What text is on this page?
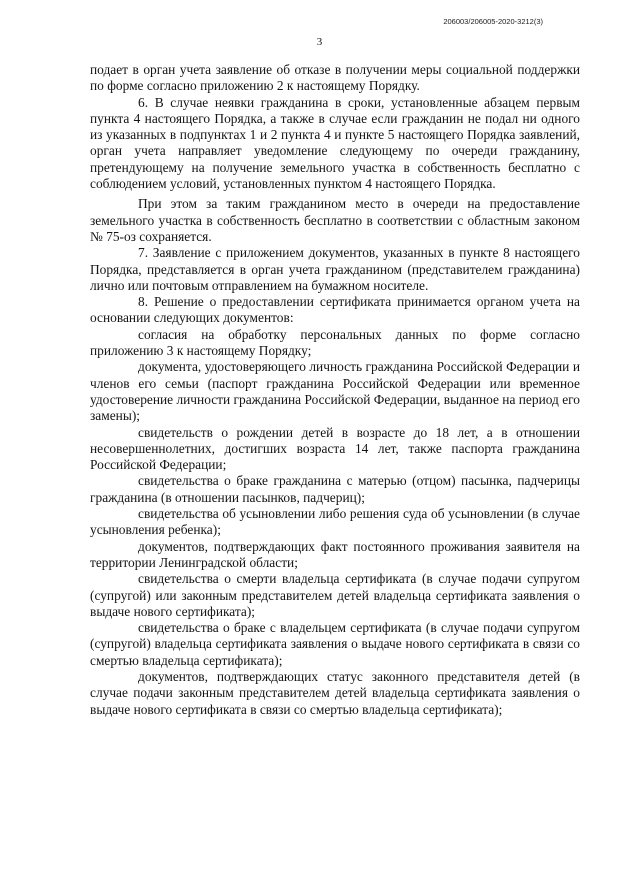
206003/206005-2020-3212(3)
3

подает в орган учета заявление об отказе в получении меры социальной поддержки по форме согласно приложению 2 к настоящему Порядку.

6. В случае неявки гражданина в сроки, установленные абзацем первым пункта 4 настоящего Порядка, а также в случае если гражданин не подал ни одного из указанных в подпунктах 1 и 2 пункта 4 и пункте 5 настоящего Порядка заявлений, орган учета направляет уведомление следующему по очереди гражданину, претендующему на получение земельного участка в собственность бесплатно с соблюдением условий, установленных пунктом 4 настоящего Порядка.

При этом за таким гражданином место в очереди на предоставление земельного участка в собственность бесплатно в соответствии с областным законом № 75-оз сохраняется.

7. Заявление с приложением документов, указанных в пункте 8 настоящего Порядка, представляется в орган учета гражданином (представителем гражданина) лично или почтовым отправлением на бумажном носителе.

8. Решение о предоставлении сертификата принимается органом учета на основании следующих документов:

согласия на обработку персональных данных по форме согласно приложению 3 к настоящему Порядку;

документа, удостоверяющего личность гражданина Российской Федерации и членов его семьи (паспорт гражданина Российской Федерации или временное удостоверение личности гражданина Российской Федерации, выданное на период его замены);

свидетельств о рождении детей в возрасте до 18 лет, а в отношении несовершеннолетних, достигших возраста 14 лет, также паспорта гражданина Российской Федерации;

свидетельства о браке гражданина с матерью (отцом) пасынка, падчерицы гражданина (в отношении пасынков, падчериц);

свидетельства об усыновлении либо решения суда об усыновлении (в случае усыновления ребенка);

документов, подтверждающих факт постоянного проживания заявителя на территории Ленинградской области;

свидетельства о смерти владельца сертификата (в случае подачи супругом (супругой) или законным представителем детей владельца сертификата заявления о выдаче нового сертификата);

свидетельства о браке с владельцем сертификата (в случае подачи супругом (супругой) владельца сертификата заявления о выдаче нового сертификата в связи со смертью владельца сертификата);

документов, подтверждающих статус законного представителя детей (в случае подачи законным представителем детей владельца сертификата заявления о выдаче нового сертификата в связи со смертью владельца сертификата);
